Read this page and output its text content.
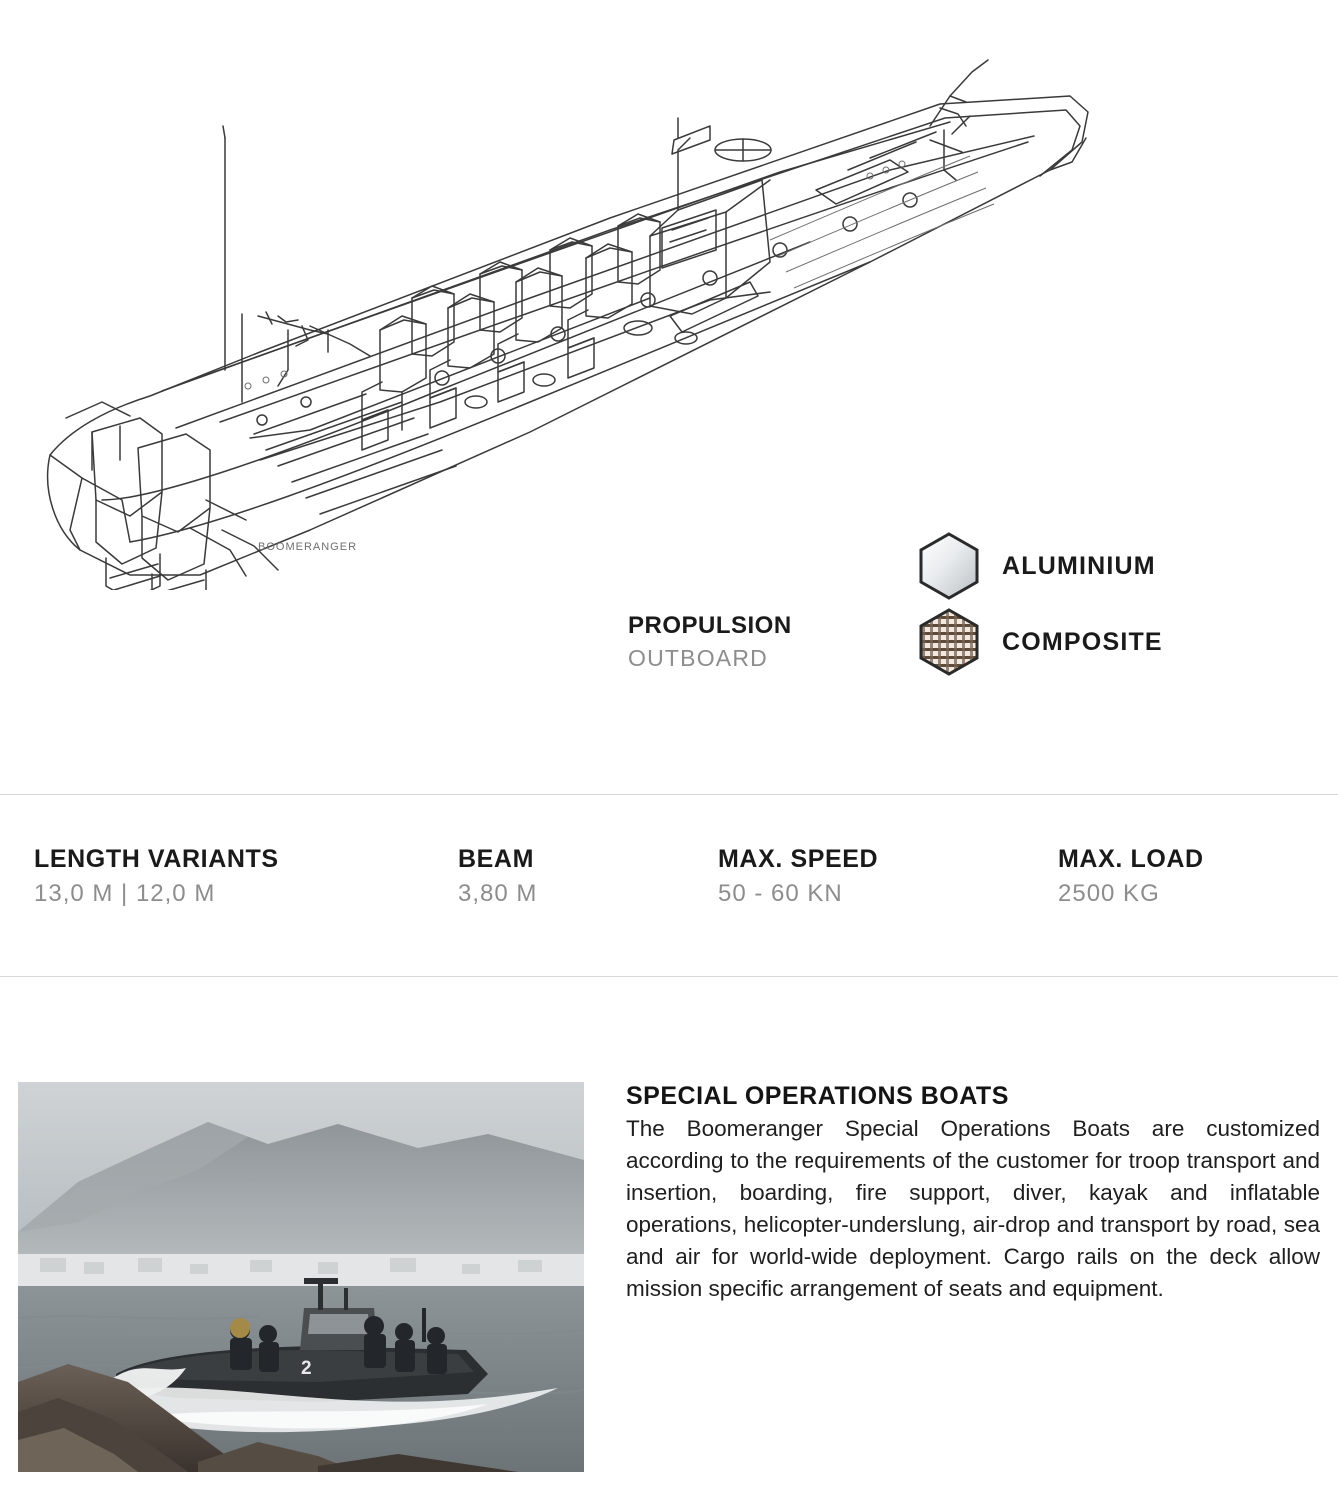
BOOMERANGER
PROPULSION
OUTBOARD
ALUMINIUM
COMPOSITE
LENGTH VARIANTS
13,0 M | 12,0 M
BEAM
3,80 M
MAX. SPEED
50 - 60 KN
MAX. LOAD
2500 KG
2
SPECIAL OPERATIONS BOATS

The Boomeranger Special Operations Boats are customized according to the requirements of the customer for troop transport and insertion, boarding, fire support, diver, kayak and inflatable operations, helicopter-underslung, air-drop and transport by road, sea and air for world-wide deployment. Cargo rails on the deck allow mission specific arrangement of seats and equipment.
